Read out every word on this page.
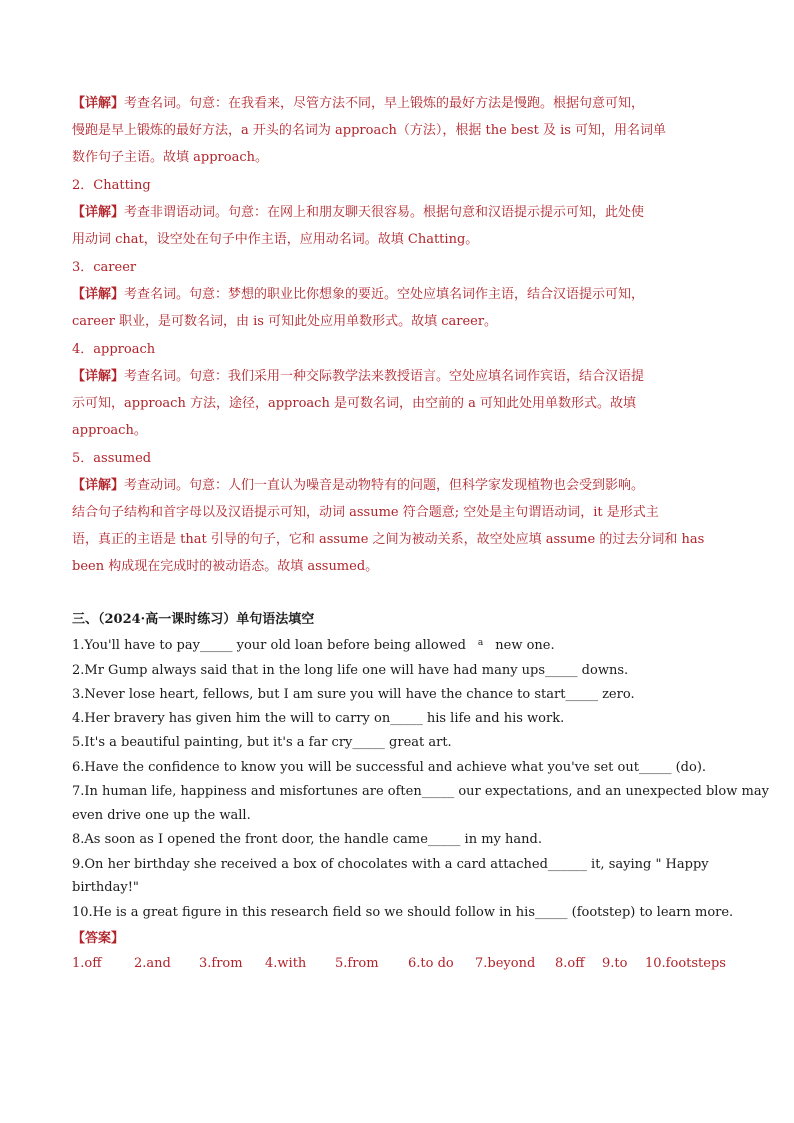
【详解】考查名词。句意：在我看来，尽管方法不同，早上锻炼的最好方法是慢跑。根据句意可知，
慢跑是早上锻炼的最好方法，a 开头的名词为 approach（方法），根据 the best 及 is 可知，用名词单
数作句子主语。故填 approach。
2．Chatting
【详解】考查非谓语动词。句意：在网上和朋友聊天很容易。根据句意和汉语提示提示可知，此处使
用动词 chat，设空处在句子中作主语，应用动名词。故填 Chatting。
3．career
【详解】考查名词。句意：梦想的职业比你想象的要近。空处应填名词作主语，结合汉语提示可知，
career 职业，是可数名词，由 is 可知此处应用单数形式。故填 career。
4．approach
【详解】考查名词。句意：我们采用一种交际教学法来教授语言。空处应填名词作宾语，结合汉语提
示可知，approach 方法，途径，approach 是可数名词，由空前的 a 可知此处用单数形式。故填
approach。
5．assumed
【详解】考查动词。句意：人们一直认为噪音是动物特有的问题，但科学家发现植物也会受到影响。
结合句子结构和首字母以及汉语提示可知，动词 assume 符合题意; 空处是主句谓语动词，it 是形式主
语，真正的主语是 that 引导的句子，它和 assume 之间为被动关系，故空处应填 assume 的过去分词和 has
been 构成现在完成时的被动语态。故填 assumed。
三、（2024·高一课时练习）单句语法填空
1.You'll have to pay_____ your old loan before being allowed $^a$ new one.
2.Mr Gump always said that in the long life one will have had many ups_____ downs.
3.Never lose heart, fellows, but I am sure you will have the chance to start_____ zero.
4.Her bravery has given him the will to carry on_____ his life and his work.
5.It's a beautiful painting, but it's a far cry_____ great art.
6.Have the confidence to know you will be successful and achieve what you've set out_____ (do).
7.In human life, happiness and misfortunes are often_____ our expectations, and an unexpected blow may
even drive one up the wall.
8.As soon as I opened the front door, the handle came_____ in my hand.
9.On her birthday she received a box of chocolates with a card attached______ it, saying " Happy
birthday!"
10.He is a great figure in this research field so we should follow in his_____ (footstep) to learn more.
【答案】
1.off	2.and 3.from 4.with 5.from 6.to do 7.beyond 8.off 9.to 10.footsteps
